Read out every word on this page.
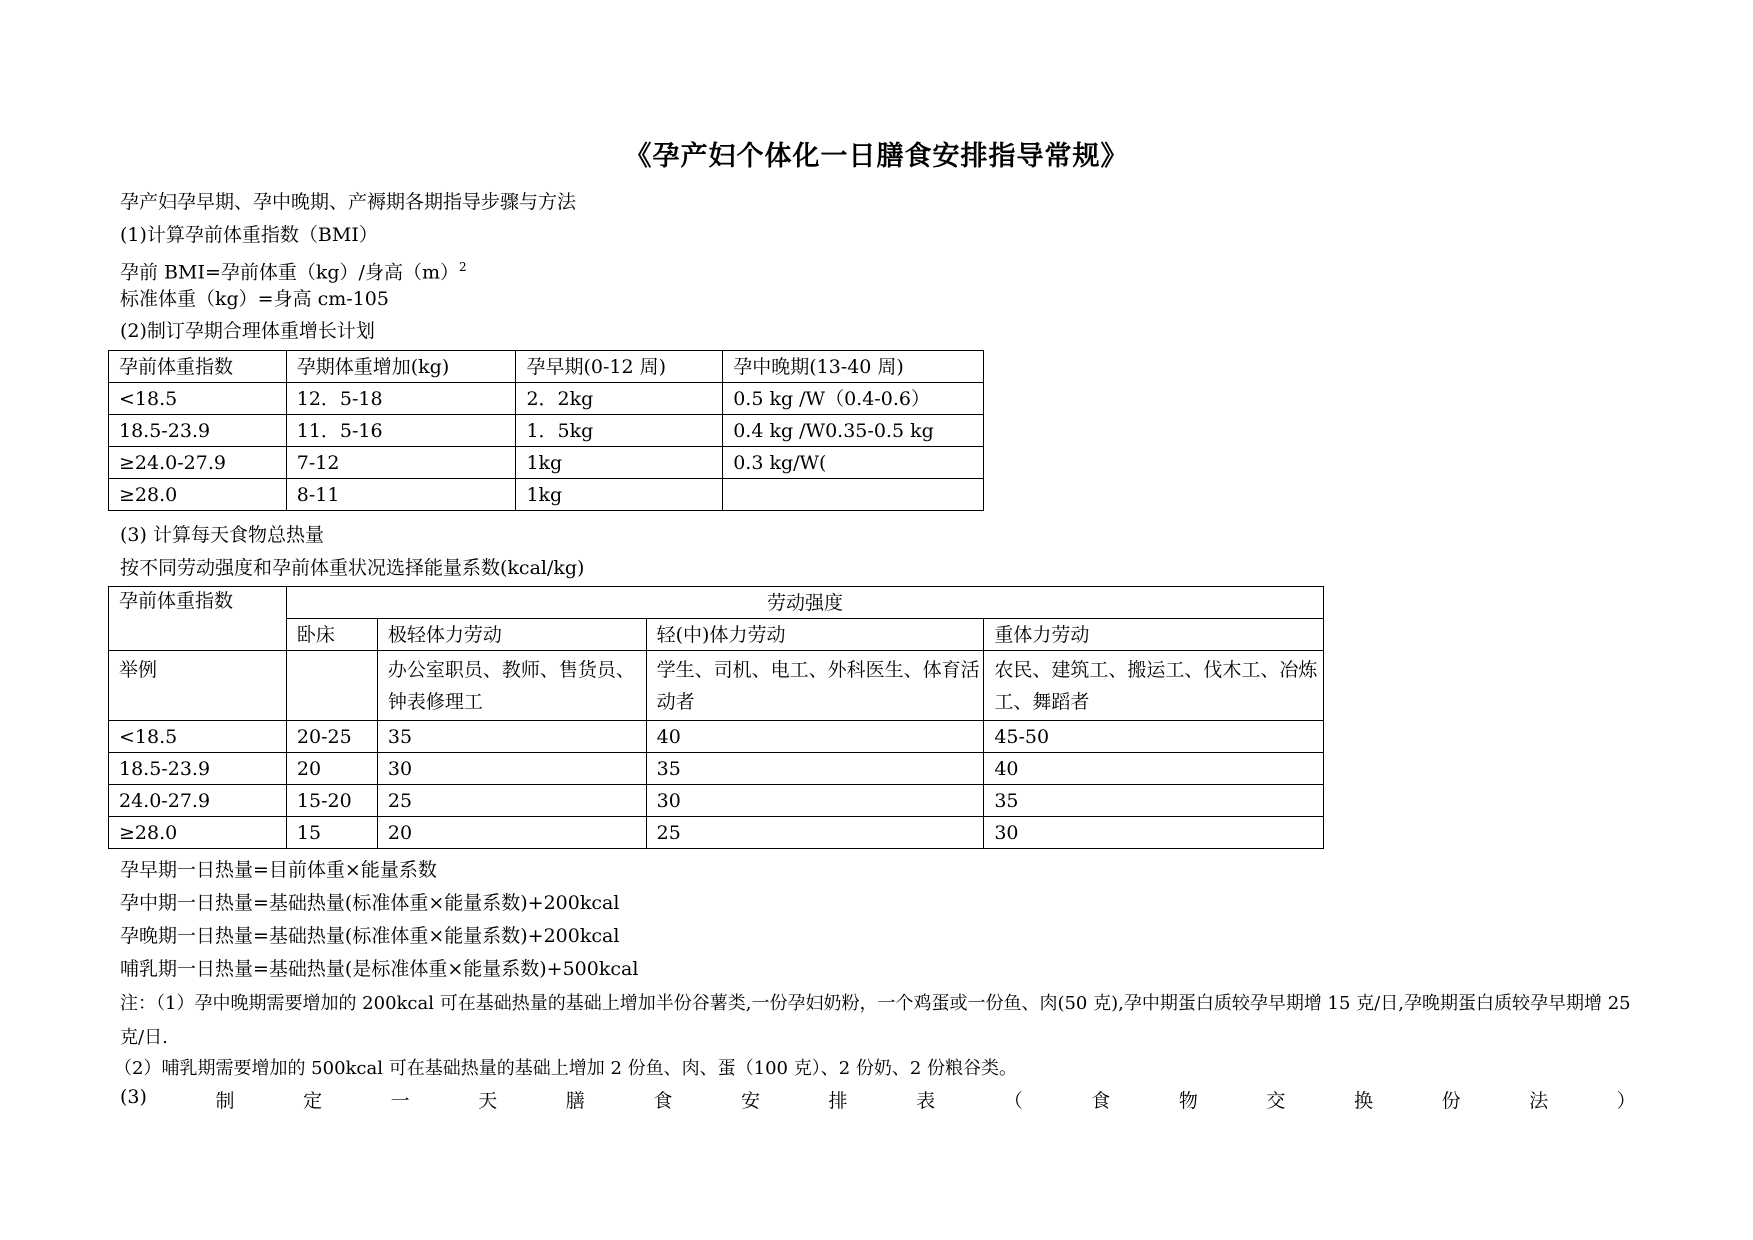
《孕产妇个体化一日膳食安排指导常规》
孕产妇孕早期、孕中晚期、产褥期各期指导步骤与方法
(1)计算孕前体重指数（BMI）
孕前 BMI=孕前体重（kg）/身高$(m)^2$
标准体重（kg）=身高 cm-105
(2)制订孕期合理体重增长计划
孕前体重指数	孕期体重增加(kg)	孕早期(0-12 周)	孕中晚期(13-40 周)
<18.5	12．5-18	2．2kg	0.5 kg /W（0.4-0.6）
18.5-23.9	11．5-16	1．5kg	0.4 kg /W0.35-0.5 kg
≥24.0-27.9	7-12	1kg	0.3 kg/W(
≥28.0	8-11	1kg	
(3) 计算每天食物总热量
按不同劳动强度和孕前体重状况选择能量系数(kcal/kg)
孕前体重指数	劳动强度			
	卧床	极轻体力劳动	轻(中)体力劳动	重体力劳动
举例		办公室职员、教师、售货员、钟表修理工	学生、司机、电工、外科医生、体育活动者	农民、建筑工、搬运工、伐木工、冶炼工、舞蹈者
<18.5	20-25	35	40	45-50
18.5-23.9	20	30	35	40
24.0-27.9	15-20	25	30	35
≥28.0	15	20	25	30
孕早期一日热量=目前体重×能量系数
孕中期一日热量=基础热量(标准体重×能量系数)+200kcal
孕晚期一日热量=基础热量(标准体重×能量系数)+200kcal
哺乳期一日热量=基础热量(是标准体重×能量系数)+500kcal
注：（1）孕中晚期需要增加的 200kcal 可在基础热量的基础上增加半份谷薯类,一份孕妇奶粉，一个鸡蛋或一份鱼、肉(50 克),孕中期蛋白质较孕早期增 15 克/日,孕晚期蛋白质较孕早期增 25 克/日.
（2）哺乳期需要增加的 500kcal 可在基础热量的基础上增加 2 份鱼、肉、蛋（100 克）、2 份奶、2 份粮谷类。
(3)	制	定	一	天	膳	食	安	排	表	（	食	物	交	换	份	法	）
